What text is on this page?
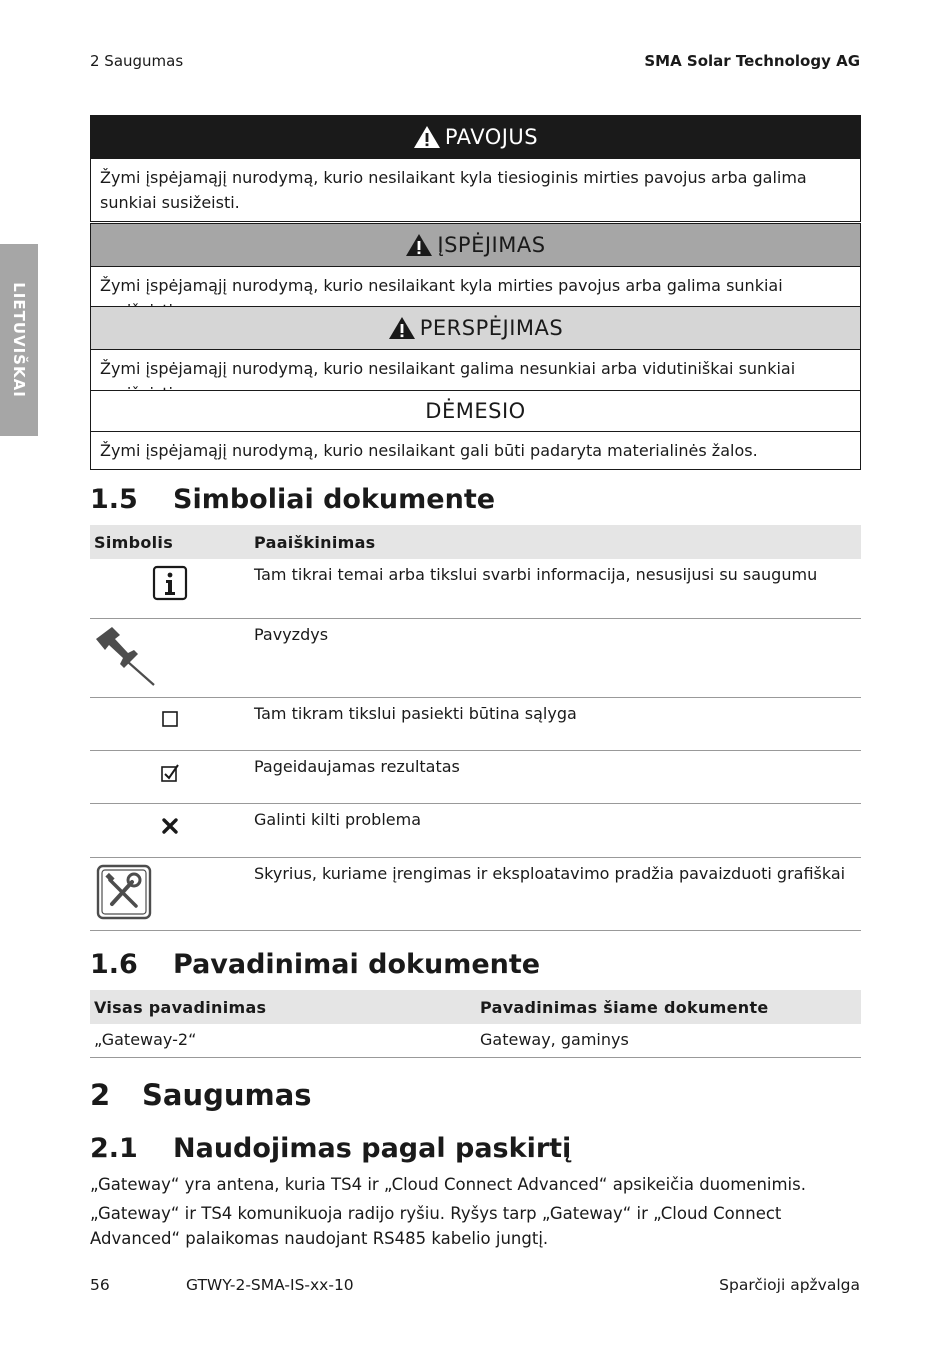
2 Saugumas	SMA Solar Technology AG
LIETUVIŠKAI
PAVOJUS
Žymi įspėjamąjį nurodymą, kurio nesilaikant kyla tiesioginis mirties pavojus arba galima sunkiai susižeisti.
ĮSPĖJIMAS
Žymi įspėjamąjį nurodymą, kurio nesilaikant kyla mirties pavojus arba galima sunkiai
PERSPĖJIMAS
Žymi įspėjamąjį nurodymą, kurio nesilaikant galima nesunkiai arba vidutiniškai sunkiai
DĖMESIO
Žymi įspėjamąjį nurodymą, kurio nesilaikant gali būti padaryta materialinės žalos.
1.5 Simboliai dokumente
Simbolis	Paaiškinimas
	Tam tikrai temai arba tikslui svarbi informacija, nesusijusi su saugumu
	Pavyzdys
	Tam tikram tikslui pasiekti būtina sąlyga
	Pageidaujamas rezultatas
	Galinti kilti problema
	Skyrius, kuriame įrengimas ir eksploatavimo pradžia pavaizduoti grafiškai
1.6 Pavadinimai dokumente
Visas pavadinimas	Pavadinimas šiame dokumente
„Gateway-2“	Gateway, gaminys
2 Saugumas
2.1 Naudojimas pagal paskirtį
„Gateway“ yra antena, kuria TS4 ir „Cloud Connect Advanced“ apsikeičia duomenimis.
„Gateway“ ir TS4 komunikuoja radijo ryšiu. Ryšys tarp „Gateway“ ir „Cloud Connect Advanced“ palaikomas naudojant RS485 kabelio jungtį.
56	GTWY-2-SMA-IS-xx-10	Sparčioji apžvalga
